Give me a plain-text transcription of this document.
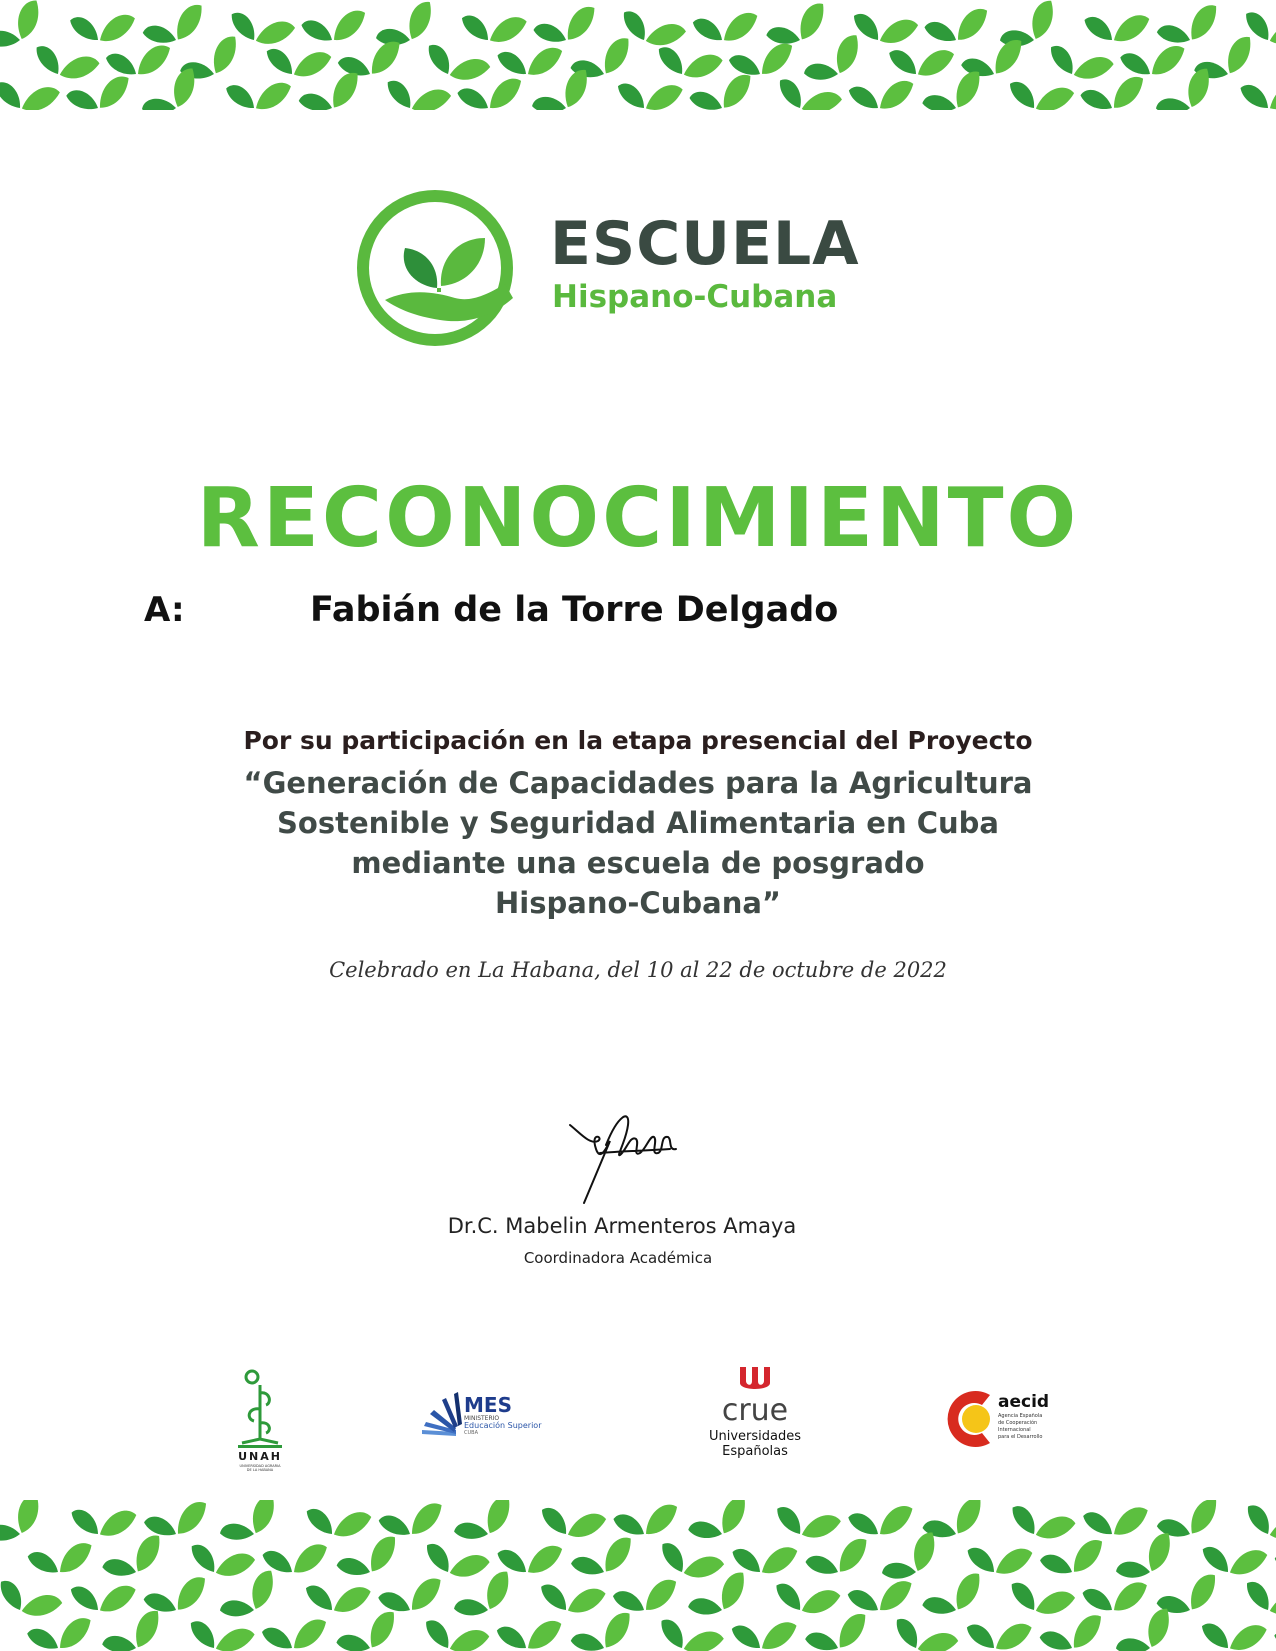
ESCUELA
Hispano-Cubana
RECONOCIMIENTO
A:	Fabián de la Torre Delgado
Por su participación en la etapa presencial del Proyecto
“Generación de Capacidades para la Agricultura
Sostenible y Seguridad Alimentaria en Cuba
mediante una escuela de posgrado
Hispano-Cubana”
Celebrado en La Habana, del 10 al 22 de octubre de 2022
Dr.C. Mabelin Armenteros Amaya
Coordinadora Académica
UNAH
UNIVERSIDAD AGRARIA
DE LA HABANA
MES
MINISTERIO
Educación Superior
CUBA
crue
Universidades
Españolas
aecid
Agencia Española
de Cooperación
Internacional
para el Desarrollo
